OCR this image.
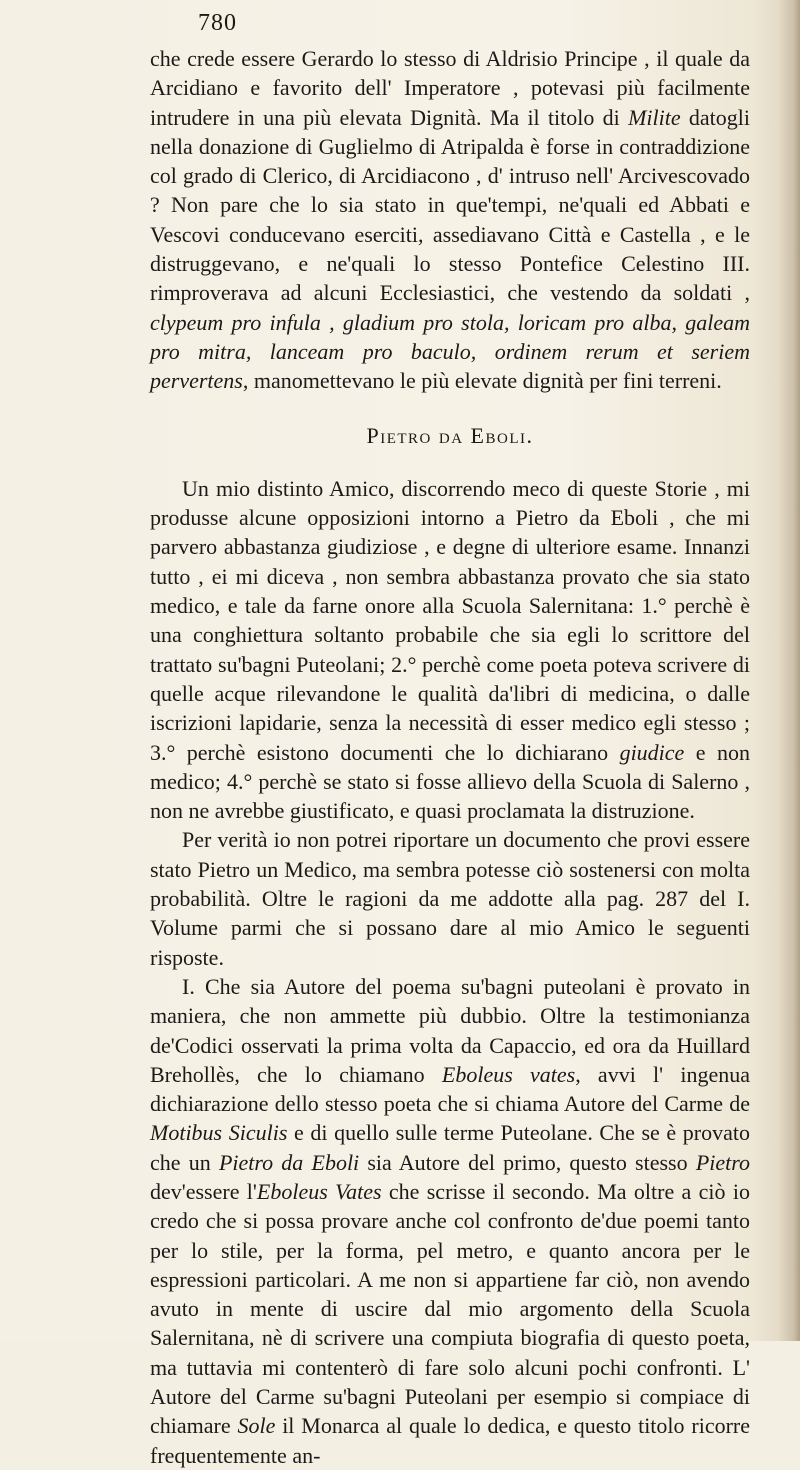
780

che crede essere Gerardo lo stesso di Aldrisio Principe , il quale da Arcidiano e favorito dell' Imperatore , potevasi più facilmente intrudere in una più elevata Dignità. Ma il titolo di Milite datogli nella donazione di Guglielmo di Atripalda è forse in contraddizione col grado di Clerico, di Arcidiacono , d' intruso nell' Arcivescovado ? Non pare che lo sia stato in que'tempi, ne'quali ed Abbati e Vescovi conducevano eserciti, assediavano Città e Castella , e le distruggevano, e ne'quali lo stesso Pontefice Celestino III. rimproverava ad alcuni Ecclesiastici, che vestendo da soldati , clypeum pro infula , gladium pro stola, loricam pro alba, galeam pro mitra, lanceam pro baculo, ordinem rerum et seriem pervertens, manomettevano le più elevate dignità per fini terreni.

Pietro da Eboli.

Un mio distinto Amico, discorrendo meco di queste Storie , mi produsse alcune opposizioni intorno a Pietro da Eboli , che mi parvero abbastanza giudiziose , e degne di ulteriore esame. Innanzi tutto , ei mi diceva , non sembra abbastanza provato che sia stato medico, e tale da farne onore alla Scuola Salernitana: 1.° perchè è una conghiettura soltanto probabile che sia egli lo scrittore del trattato su'bagni Puteolani; 2.° perchè come poeta poteva scrivere di quelle acque rilevandone le qualità da'libri di medicina, o dalle iscrizioni lapidarie, senza la necessità di esser medico egli stesso ; 3.° perchè esistono documenti che lo dichiarano giudice e non medico; 4.° perchè se stato si fosse allievo della Scuola di Salerno , non ne avrebbe giustificato, e quasi proclamata la distruzione.

Per verità io non potrei riportare un documento che provi essere stato Pietro un Medico, ma sembra potesse ciò sostenersi con molta probabilità. Oltre le ragioni da me addotte alla pag. 287 del I. Volume parmi che si possano dare al mio Amico le seguenti risposte.

I. Che sia Autore del poema su'bagni puteolani è provato in maniera, che non ammette più dubbio. Oltre la testimonianza de'Codici osservati la prima volta da Capaccio, ed ora da Huillard Brehollès, che lo chiamano Eboleus vates, avvi l' ingenua dichiarazione dello stesso poeta che si chiama Autore del Carme de Motibus Siculis e di quello sulle terme Puteolane. Che se è provato che un Pietro da Eboli sia Autore del primo, questo stesso Pietro dev'essere l'Eboleus Vates che scrisse il secondo. Ma oltre a ciò io credo che si possa provare anche col confronto de'due poemi tanto per lo stile, per la forma, pel metro, e quanto ancora per le espressioni particolari. A me non si appartiene far ciò, non avendo avuto in mente di uscire dal mio argomento della Scuola Salernitana, nè di scrivere una compiuta biografia di questo poeta, ma tuttavia mi contenterò di fare solo alcuni pochi confronti. L' Autore del Carme su'bagni Puteolani per esempio si compiace di chiamare Sole il Monarca al quale lo dedica, e questo titolo ricorre frequentemente an-
